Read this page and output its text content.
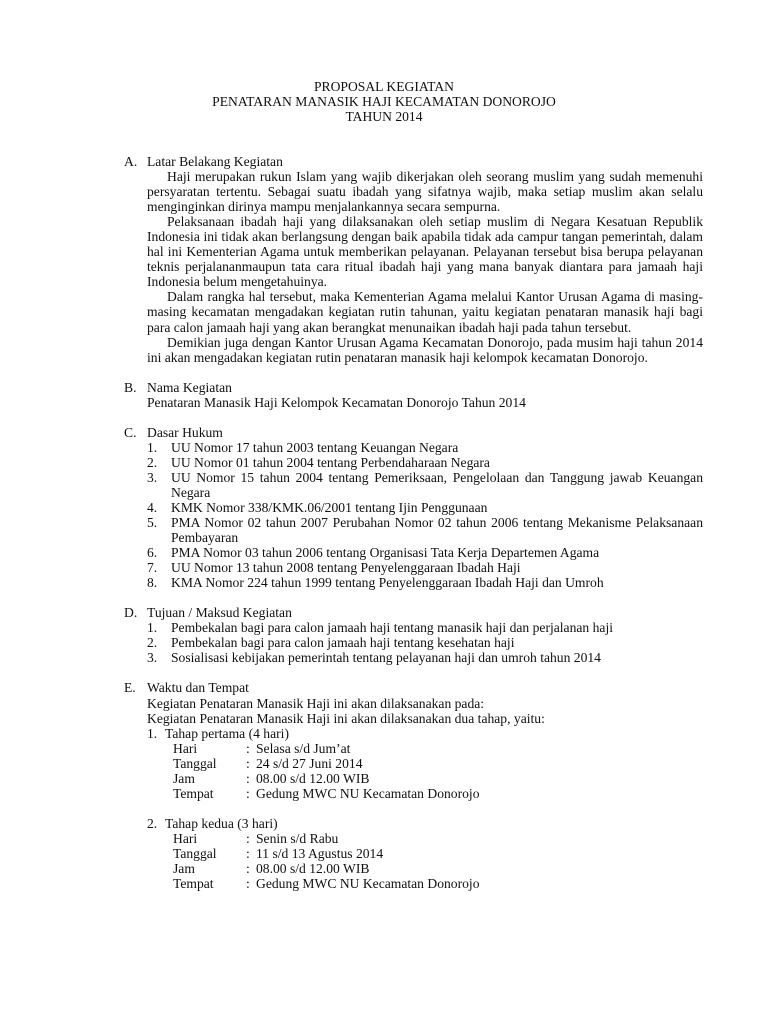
PROPOSAL KEGIATAN
PENATARAN MANASIK HAJI KECAMATAN DONOROJO
TAHUN 2014
A. Latar Belakang Kegiatan

Haji merupakan rukun Islam yang wajib dikerjakan oleh seorang muslim yang sudah memenuhi persyaratan tertentu. Sebagai suatu ibadah yang sifatnya wajib, maka setiap muslim akan selalu menginginkan dirinya mampu menjalankannya secara sempurna.

Pelaksanaan ibadah haji yang dilaksanakan oleh setiap muslim di Negara Kesatuan Republik Indonesia ini tidak akan berlangsung dengan baik apabila tidak ada campur tangan pemerintah, dalam hal ini Kementerian Agama untuk memberikan pelayanan. Pelayanan tersebut bisa berupa pelayanan teknis perjalananmaupun tata cara ritual ibadah haji yang mana banyak diantara para jamaah haji Indonesia belum mengetahuinya.

Dalam rangka hal tersebut, maka Kementerian Agama melalui Kantor Urusan Agama di masing-masing kecamatan mengadakan kegiatan rutin tahunan, yaitu kegiatan penataran manasik haji bagi para calon jamaah haji yang akan berangkat menunaikan ibadah haji pada tahun tersebut.

Demikian juga dengan Kantor Urusan Agama Kecamatan Donorojo, pada musim haji tahun 2014 ini akan mengadakan kegiatan rutin penataran manasik haji kelompok kecamatan Donorojo.

B. Nama Kegiatan
Penataran Manasik Haji Kelompok Kecamatan Donorojo Tahun 2014
C. Dasar Hukum
1. UU Nomor 17 tahun 2003 tentang Keuangan Negara
2. UU Nomor 01 tahun 2004 tentang Perbendaharaan Negara
3. UU Nomor 15 tahun 2004 tentang Pemeriksaan, Pengelolaan dan Tanggung jawab Keuangan Negara
4. KMK Nomor 338/KMK.06/2001 tentang Ijin Penggunaan
5. PMA Nomor 02 tahun 2007 Perubahan Nomor 02 tahun 2006 tentang Mekanisme Pelaksanaan Pembayaran
6. PMA Nomor 03 tahun 2006 tentang Organisasi Tata Kerja Departemen Agama
7. UU Nomor 13 tahun 2008 tentang Penyelenggaraan Ibadah Haji
8. KMA Nomor 224 tahun 1999 tentang Penyelenggaraan Ibadah Haji dan Umroh
D. Tujuan / Maksud Kegiatan
1. Pembekalan bagi para calon jamaah haji tentang manasik haji dan perjalanan haji
2. Pembekalan bagi para calon jamaah haji tentang kesehatan haji
3. Sosialisasi kebijakan pemerintah tentang pelayanan haji dan umroh tahun 2014
E. Waktu dan Tempat
Kegiatan Penataran Manasik Haji ini akan dilaksanakan pada:
Kegiatan Penataran Manasik Haji ini akan dilaksanakan dua tahap, yaitu:
1. Tahap pertama (4 hari)
Hari	: Selasa s/d Jum’at
Tanggal : 24 s/d 27 Juni 2014
Jam	: 08.00 s/d 12.00 WIB
Tempat : Gedung MWC NU Kecamatan Donorojo
2. Tahap kedua (3 hari)
Hari	: Senin s/d Rabu
Tanggal : 11 s/d 13 Agustus 2014
Jam	: 08.00 s/d 12.00 WIB
Tempat : Gedung MWC NU Kecamatan Donorojo
